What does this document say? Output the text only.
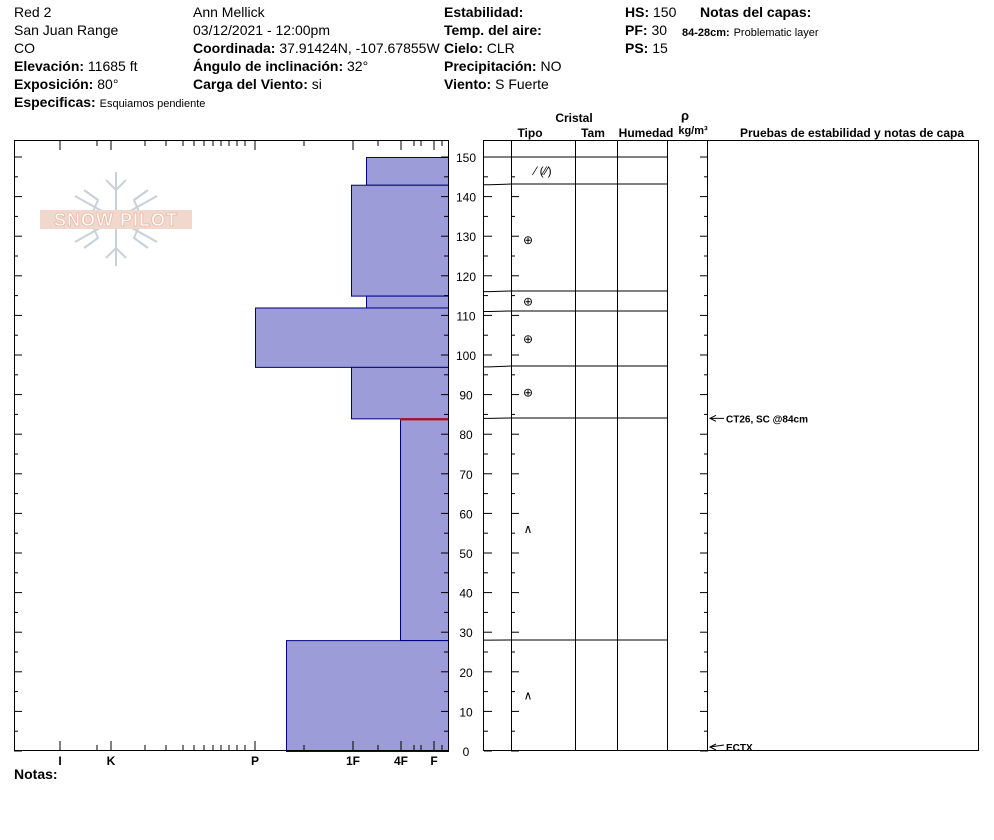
Red 2
San Juan Range
CO
Elevación: 11685 ft
Exposición: 80°
Especificas: Esquiamos pendiente
Ann Mellick
03/12/2021 - 12:00pm
Coordinada: 37.91424N, -107.67855W
Ángulo de inclinación: 32°
Carga del Viento: si
Estabilidad:
Temp. del aire:
Cielo: CLR
Precipitación: NO
Viento: S Fuerte
HS: 150
PF: 30
PS: 15
Notas del capas:
84-28cm: Problematic layer
Notas:
SNOW PILOT
I	K	P	1F	4F F
0
10
20
30
40
50
60
70
80
90
100
110
120
130
140
150
⁄ (⁄⁄)
⊕
⊕
⊕
⊕
∧
∧
CT26, SC @84cm
ECTX
Cristal
Tipo	Tam Humedad
ρ
kg/m³	Pruebas de estabilidad y notas de capa
